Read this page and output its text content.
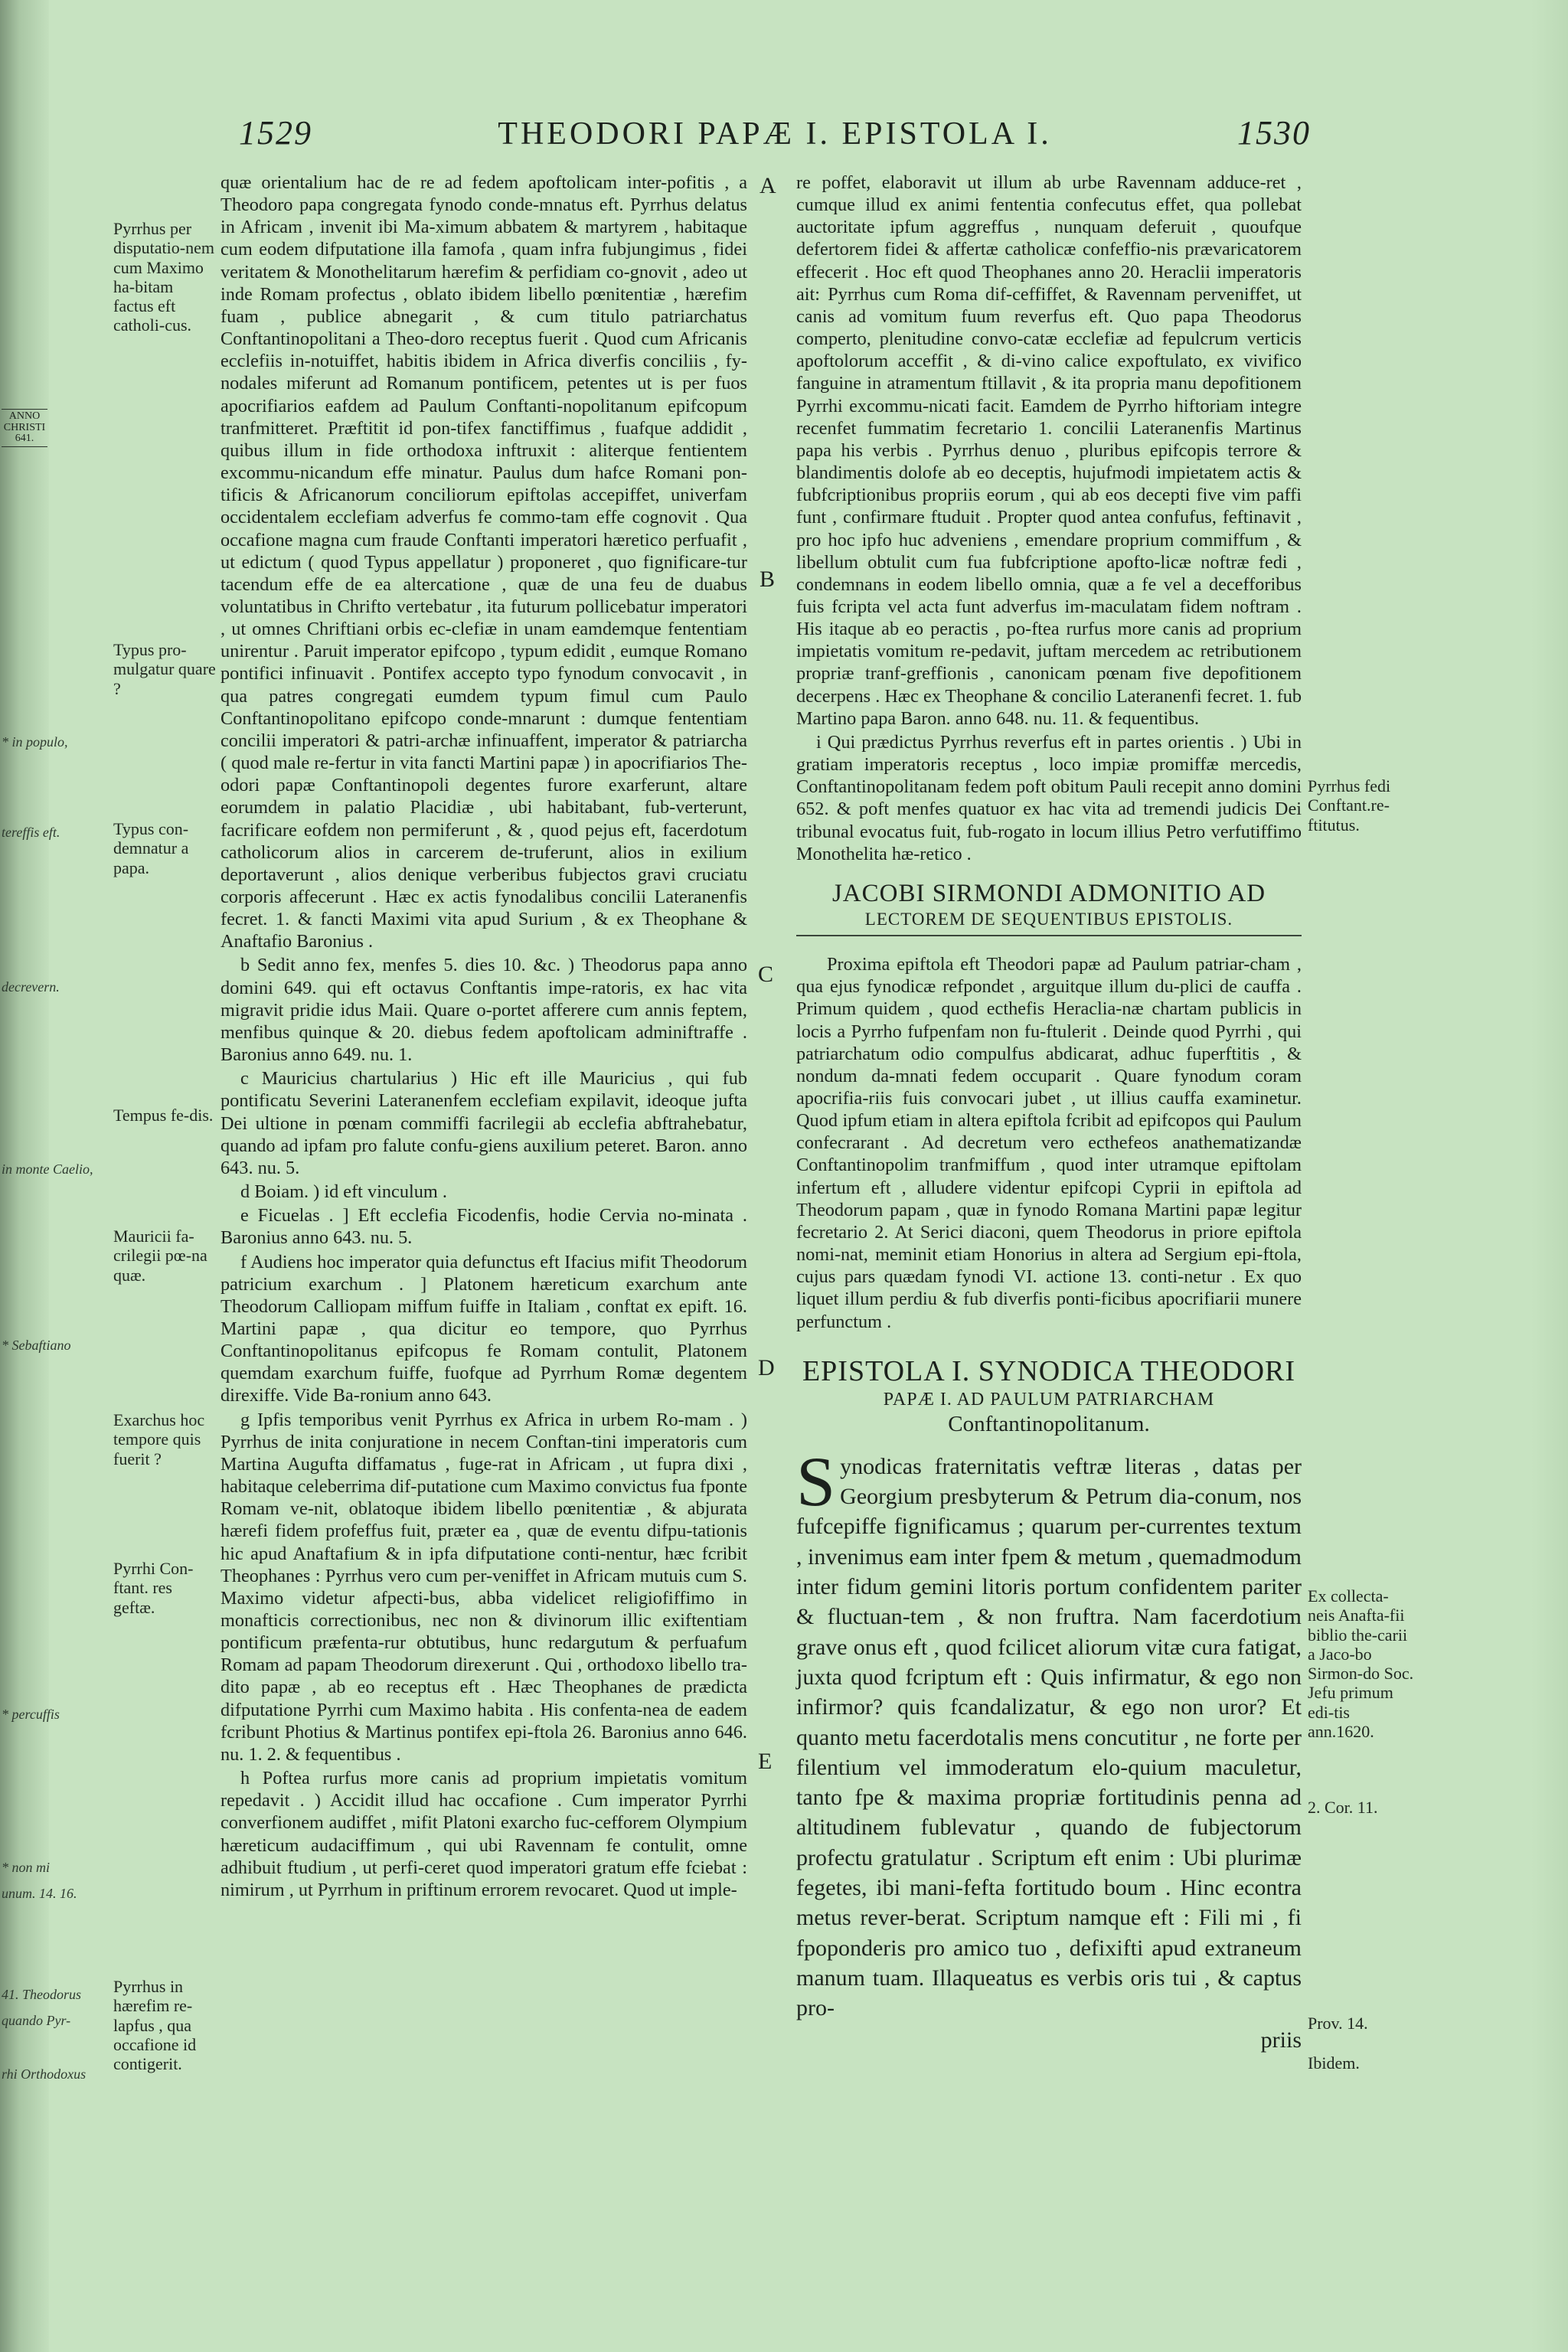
ANNO CHRISTI 641.
* in populo,
tereffis eft.
decrevern.
in monte Caelio,
* Sebaftiano
* percuffis
* non mi
unum. 14. 16.
41. Theodorus
quando Pyr-
rhi Orthodoxus
1529	THEODORI PAPÆ I. EPISTOLA I.	1530
A
B
C
D
E
Pyrrhus per disputatio-nem cum Maximo ha-bitam factus eft catholi-cus.
Typus pro-mulgatur quare ?
Typus con-demnatur a papa.
Tempus fe-dis.
Mauricii fa-crilegii pœ-na quæ.
Exarchus hoc tempore quis fuerit ?
Pyrrhi Con-ftant. res geftæ.
Pyrrhus in hærefim re-lapfus , qua occafione id contigerit.
Pyrrhus fedi Conftant.re-ftitutus.
Ex collecta-neis Anafta-fii biblio the-carii a Jaco-bo Sirmon-do Soc. Jefu primum edi-tis ann.1620.
2. Cor. 11.
Prov. 14.
Ibidem.

quæ orientalium hac de re ad fedem apoftolicam inter-pofitis , a Theodoro papa congregata fynodo conde-mnatus eft. Pyrrhus delatus in Africam , invenit ibi Ma-ximum abbatem & martyrem , habitaque cum eodem difputatione illa famofa , quam infra fubjungimus , fidei veritatem & Monothelitarum hærefim & perfidiam co-gnovit , adeo ut inde Romam profectus , oblato ibidem libello pœnitentiæ , hærefim fuam , publice abnegarit , & cum titulo patriarchatus Conftantinopolitani a Theo-doro receptus fuerit . Quod cum Africanis ecclefiis in-notuiffet, habitis ibidem in Africa diverfis conciliis , fy-nodales miferunt ad Romanum pontificem, petentes ut is per fuos apocrifiarios eafdem ad Paulum Conftanti-nopolitanum epifcopum tranfmitteret. Præftitit id pon-tifex fanctiffimus , fuafque addidit , quibus illum in fide orthodoxa inftruxit : aliterque fentientem excommu-nicandum effe minatur. Paulus dum hafce Romani pon-tificis & Africanorum conciliorum epiftolas accepiffet, univerfam occidentalem ecclefiam adverfus fe commo-tam effe cognovit . Qua occafione magna cum fraude Conftanti imperatori hæretico perfuafit , ut edictum ( quod Typus appellatur ) proponeret , quo fignificare-tur tacendum effe de ea altercatione , quæ de una feu de duabus voluntatibus in Chrifto vertebatur , ita futurum pollicebatur imperatori , ut omnes Chriftiani orbis ec-clefiæ in unam eamdemque fententiam unirentur . Paruit imperator epifcopo , typum edidit , eumque Romano pontifici infinuavit . Pontifex accepto typo fynodum convocavit , in qua patres congregati eumdem typum fimul cum Paulo Conftantinopolitano epifcopo conde-mnarunt : dumque fententiam concilii imperatori & patri-archæ infinuaffent, imperator & patriarcha ( quod male re-fertur in vita fancti Martini papæ ) in apocrifiarios The-odori papæ Conftantinopoli degentes furore exarferunt, altare eorumdem in palatio Placidiæ , ubi habitabant, fub-verterunt, facrificare eofdem non permiferunt , & , quod pejus eft, facerdotum catholicorum alios in carcerem de-truferunt, alios in exilium deportaverunt , alios denique verberibus fubjectos gravi cruciatu corporis affecerunt . Hæc ex actis fynodalibus concilii Lateranenfis fecret. 1. & fancti Maximi vita apud Surium , & ex Theophane & Anaftafio Baronius .

b Sedit anno fex, menfes 5. dies 10. &c. ) Theodorus papa anno domini 649. qui eft octavus Conftantis impe-ratoris, ex hac vita migravit pridie idus Maii. Quare o-portet afferere cum annis feptem, menfibus quinque & 20. diebus fedem apoftolicam adminiftraffe . Baronius anno 649. nu. 1.

c Mauricius chartularius ) Hic eft ille Mauricius , qui fub pontificatu Severini Lateranenfem ecclefiam expilavit, ideoque jufta Dei ultione in pœnam commiffi facrilegii ab ecclefia abftrahebatur, quando ad ipfam pro falute confu-giens auxilium peteret. Baron. anno 643. nu. 5.

d Boiam. ) id eft vinculum .

e Ficuelas . ] Eft ecclefia Ficodenfis, hodie Cervia no-minata . Baronius anno 643. nu. 5.

f Audiens hoc imperator quia defunctus eft Ifacius mifit Theodorum patricium exarchum . ] Platonem hæreticum exarchum ante Theodorum Calliopam miffum fuiffe in Italiam , conftat ex epift. 16. Martini papæ , qua dicitur eo tempore, quo Pyrrhus Conftantinopolitanus epifcopus fe Romam contulit, Platonem quemdam exarchum fuiffe, fuofque ad Pyrrhum Romæ degentem direxiffe. Vide Ba-ronium anno 643.

g Ipfis temporibus venit Pyrrhus ex Africa in urbem Ro-mam . ) Pyrrhus de inita conjuratione in necem Conftan-tini imperatoris cum Martina Augufta diffamatus , fuge-rat in Africam , ut fupra dixi , habitaque celeberrima dif-putatione cum Maximo convictus fua fponte Romam ve-nit, oblatoque ibidem libello pœnitentiæ , & abjurata hærefi fidem profeffus fuit, præter ea , quæ de eventu difpu-tationis hic apud Anaftafium & in ipfa difputatione conti-nentur, hæc fcribit Theophanes : Pyrrhus vero cum per-veniffet in Africam mutuis cum S. Maximo videtur afpecti-bus, abba videlicet religiofiffimo in monafticis correctionibus, nec non & divinorum illic exiftentiam pontificum præfenta-rur obtutibus, hunc redargutum & perfuafum Romam ad papam Theodorum direxerunt . Qui , orthodoxo libello tra-dito papæ , ab eo receptus eft . Hæc Theophanes de prædicta difputatione Pyrrhi cum Maximo habita . His confenta-nea de eadem fcribunt Photius & Martinus pontifex epi-ftola 26. Baronius anno 646. nu. 1. 2. & fequentibus .

h Poftea rurfus more canis ad proprium impietatis vomitum repedavit . ) Accidit illud hac occafione . Cum imperator Pyrrhi converfionem audiffet , mifit Platoni exarcho fuc-cefforem Olympium hæreticum audaciffimum , qui ubi Ravennam fe contulit, omne adhibuit ftudium , ut perfi-ceret quod imperatori gratum effe fciebat : nimirum , ut Pyrrhum in priftinum errorem revocaret. Quod ut imple-

re poffet, elaboravit ut illum ab urbe Ravennam adduce-ret , cumque illud ex animi fententia confecutus effet, qua pollebat auctoritate ipfum aggreffus , nunquam deferuit , quoufque defertorem fidei & affertæ catholicæ confeffio-nis prævaricatorem effecerit . Hoc eft quod Theophanes anno 20. Heraclii imperatoris ait: Pyrrhus cum Roma dif-ceffiffet, & Ravennam perveniffet, ut canis ad vomitum fuum reverfus eft. Quo papa Theodorus comperto, plenitudine convo-catæ ecclefiæ ad fepulcrum verticis apoftolorum acceffit , & di-vino calice expoftulato, ex vivifico fanguine in atramentum ftillavit , & ita propria manu depofitionem Pyrrhi excommu-nicati facit. Eamdem de Pyrrho hiftoriam integre recenfet fummatim fecretario 1. concilii Lateranenfis Martinus papa his verbis . Pyrrhus denuo , pluribus epifcopis terrore & blandimentis dolofe ab eo deceptis, hujufmodi impietatem actis & fubfcriptionibus propriis eorum , qui ab eos decepti five vim paffi funt , confirmare ftuduit . Propter quod antea confufus, feftinavit , pro hoc ipfo huc adveniens , emendare proprium commiffum , & libellum obtulit cum fua fubfcriptione apofto-licæ noftræ fedi , condemnans in eodem libello omnia, quæ a fe vel a decefforibus fuis fcripta vel acta funt adverfus im-maculatam fidem noftram . His itaque ab eo peractis , po-ftea rurfus more canis ad proprium impietatis vomitum re-pedavit, juftam mercedem ac retributionem propriæ tranf-greffionis , canonicam pœnam five depofitionem decerpens . Hæc ex Theophane & concilio Lateranenfi fecret. 1. fub Martino papa Baron. anno 648. nu. 11. & fequentibus.

i Qui prædictus Pyrrhus reverfus eft in partes orientis . ) Ubi in gratiam imperatoris receptus , loco impiæ promiffæ mercedis, Conftantinopolitanam fedem poft obitum Pauli recepit anno domini 652. & poft menfes quatuor ex hac vita ad tremendi judicis Dei tribunal evocatus fuit, fub-rogato in locum illius Petro verfutiffimo Monothelita hæ-retico .

JACOBI SIRMONDI ADMONITIO AD
LECTOREM DE SEQUENTIBUS EPISTOLIS.

Proxima epiftola eft Theodori papæ ad Paulum patriar-cham , qua ejus fynodicæ refpondet , arguitque illum du-plici de cauffa . Primum quidem , quod ecthefis Heraclia-næ chartam publicis in locis a Pyrrho fufpenfam non fu-ftulerit . Deinde quod Pyrrhi , qui patriarchatum odio compulfus abdicarat, adhuc fuperftitis , & nondum da-mnati fedem occuparit . Quare fynodum coram apocrifia-riis fuis convocari jubet , ut illius cauffa examinetur. Quod ipfum etiam in altera epiftola fcribit ad epifcopos qui Paulum confecrarant . Ad decretum vero ecthefeos anathematizandæ Conftantinopolim tranfmiffum , quod inter utramque epiftolam infertum eft , alludere videntur epifcopi Cyprii in epiftola ad Theodorum papam , quæ in fynodo Romana Martini papæ legitur fecretario 2. At Serici diaconi, quem Theodorus in priore epiftola nomi-nat, meminit etiam Honorius in altera ad Sergium epi-ftola, cujus pars quædam fynodi VI. actione 13. conti-netur . Ex quo liquet illum perdiu & fub diverfis ponti-ficibus apocrifiarii munere perfunctum .

EPISTOLA I. SYNODICA THEODORI
PAPÆ I. AD PAULUM PATRIARCHAM
Conftantinopolitanum.

Synodicas fraternitatis veftræ literas , datas per Georgium presbyterum & Petrum dia-conum, nos fufcepiffe fignificamus ; quarum per-currentes textum , invenimus eam inter fpem & metum , quemadmodum inter fidum gemini litoris portum confidentem pariter & fluctuan-tem , & non fruftra. Nam facerdotium grave onus eft , quod fcilicet aliorum vitæ cura fatigat, juxta quod fcriptum eft : Quis infirmatur, & ego non infirmor? quis fcandalizatur, & ego non uror? Et quanto metu facerdotalis mens concutitur , ne forte per filentium vel immoderatum elo-quium maculetur, tanto fpe & maxima propriæ fortitudinis penna ad altitudinem fublevatur , quando de fubjectorum profectu gratulatur . Scriptum eft enim : Ubi plurimæ fegetes, ibi mani-fefta fortitudo boum . Hinc econtra metus rever-berat. Scriptum namque eft : Fili mi , fi fpoponderis pro amico tuo , defixifti apud extraneum manum tuam. Illaqueatus es verbis oris tui , & captus pro-

priis
